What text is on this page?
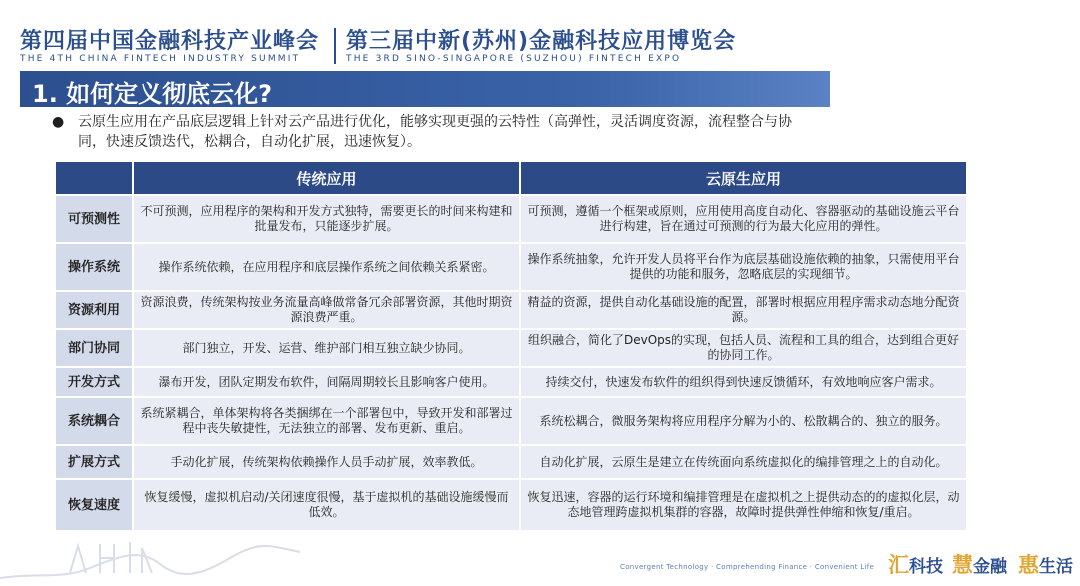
第四届中国金融科技产业峰会
THE 4TH CHINA FINTECH INDUSTRY SUMMIT
第三届中新(苏州)金融科技应用博览会
THE 3RD SINO-SINGAPORE (SUZHOU) FINTECH EXPO
1. 如何定义彻底云化?
● 云原生应用在产品底层逻辑上针对云产品进行优化，能够实现更强的云特性（高弹性，灵活调度资源，流程整合与协同，快速反馈迭代，松耦合，自动化扩展，迅速恢复）。
	传统应用	云原生应用
可预测性	不可预测，应用程序的架构和开发方式独特，需要更长的时间来构建和批量发布，只能逐步扩展。	可预测，遵循一个框架或原则，应用使用高度自动化、容器驱动的基础设施云平台进行构建，旨在通过可预测的行为最大化应用的弹性。
操作系统	操作系统依赖，在应用程序和底层操作系统之间依赖关系紧密。	操作系统抽象，允许开发人员将平台作为底层基础设施依赖的抽象，只需使用平台提供的功能和服务，忽略底层的实现细节。
资源利用	资源浪费，传统架构按业务流量高峰做常备冗余部署资源，其他时期资源浪费严重。	精益的资源，提供自动化基础设施的配置，部署时根据应用程序需求动态地分配资源。
部门协同	部门独立，开发、运营、维护部门相互独立缺少协同。	组织融合，简化了DevOps的实现，包括人员、流程和工具的组合，达到组合更好的协同工作。
开发方式	瀑布开发，团队定期发布软件，间隔周期较长且影响客户使用。	持续交付，快速发布软件的组织得到快速反馈循环，有效地响应客户需求。
系统耦合	系统紧耦合，单体架构将各类捆绑在一个部署包中，导致开发和部署过程中丧失敏捷性，无法独立的部署、发布更新、重启。	系统松耦合，微服务架构将应用程序分解为小的、松散耦合的、独立的服务。
扩展方式	手动化扩展，传统架构依赖操作人员手动扩展，效率教低。	自动化扩展，云原生是建立在传统面向系统虚拟化的编排管理之上的自动化。
恢复速度	恢复缓慢，虚拟机启动/关闭速度很慢，基于虚拟机的基础设施缓慢而低效。	恢复迅速，容器的运行环境和编排管理是在虚拟机之上提供动态的的虚拟化层，动态地管理跨虚拟机集群的容器，故障时提供弹性伸缩和恢复/重启。
Convergent Technology · Comprehending Finance · Convenient Life 汇科技 慧金融 惠生活
